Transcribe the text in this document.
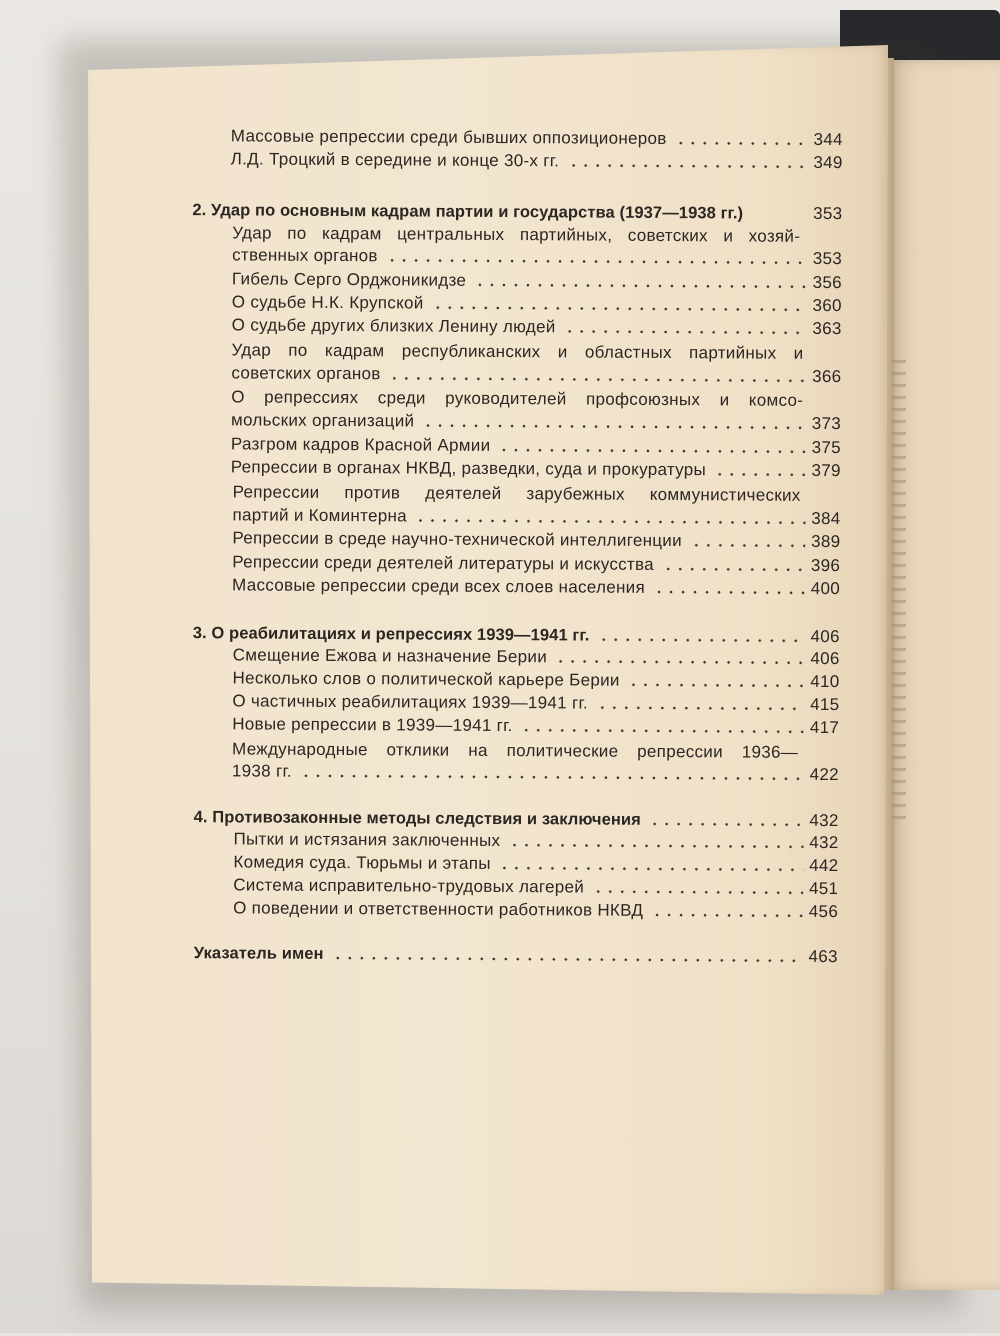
Массовые репрессии среди бывших оппозиционеров	344
Л.Д. Троцкий в середине и конце 30-х гг.	349
2. Удар по основным кадрам партии и государства (1937—1938 гг.)	353
Удар по кадрам центральных партийных, советских и хозяй-
ственных органов	353
Гибель Серго Орджоникидзе	356
О судьбе Н.К. Крупской	360
О судьбе других близких Ленину людей	363
Удар по кадрам республиканских и областных партийных и
советских органов	366
О репрессиях среди руководителей профсоюзных и комсо-
мольских организаций	373
Разгром кадров Красной Армии	375
Репрессии в органах НКВД, разведки, суда и прокуратуры	379
Репрессии против деятелей зарубежных коммунистических
партий и Коминтерна	384
Репрессии в среде научно-технической интеллигенции	389
Репрессии среди деятелей литературы и искусства	396
Массовые репрессии среди всех слоев населения	400
3. О реабилитациях и репрессиях 1939—1941 гг.	406
Смещение Ежова и назначение Берии	406
Несколько слов о политической карьере Берии	410
О частичных реабилитациях 1939—1941 гг.	415
Новые репрессии в 1939—1941 гг.	417
Международные отклики на политические репрессии 1936—
1938 гг.	422
4. Противозаконные методы следствия и заключения	432
Пытки и истязания заключенных	432
Комедия суда. Тюрьмы и этапы	442
Система исправительно-трудовых лагерей	451
О поведении и ответственности работников НКВД	456
Указатель имен	463
